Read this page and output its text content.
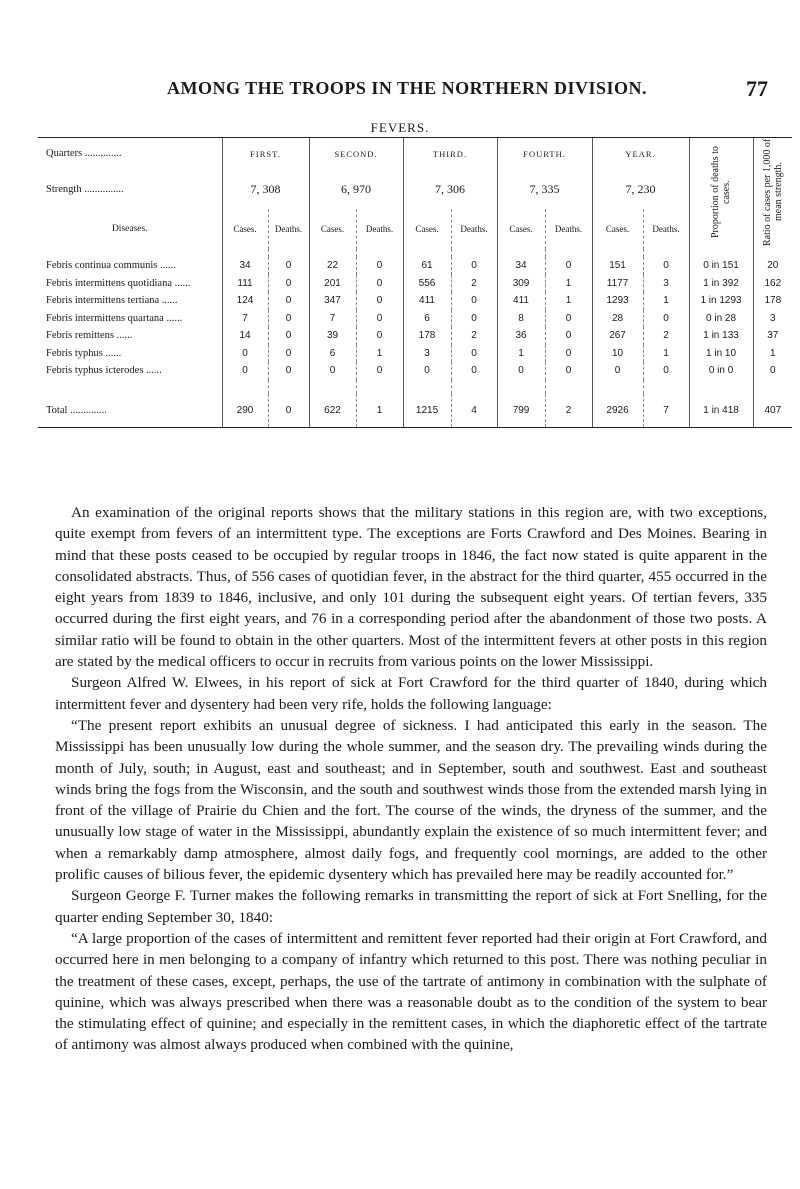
AMONG THE TROOPS IN THE NORTHERN DIVISION.	77
FEVERS.
Quarters ..............	FIRST.		SECOND.		THIRD.		FOURTH.		YEAR.		Proportion of deaths to cases.	Ratio of cases per 1,000 of mean strength.
Strength ...............	7, 308		6, 970		7, 306		7, 335		7, 230			
Diseases.	Cases.	Deaths.	Cases.	Deaths.	Cases.	Deaths.	Cases.	Deaths.	Cases.	Deaths.		

Febris continua communis ......	34	0	22	0	61	0	34	0	151	0	0 in 151	20
Febris intermittens quotidiana ......	111	0	201	0	556	2	309	1	1177	3	1 in 392	162
Febris intermittens tertiana ......	124	0	347	0	411	0	411	1	1293	1	1 in 1293	178
Febris intermittens quartana ......	7	0	7	0	6	0	8	0	28	0	0 in 28	3
Febris remittens ......	14	0	39	0	178	2	36	0	267	2	1 in 133	37
Febris typhus ......	0	0	6	1	3	0	1	0	10	1	1 in 10	1
Febris typhus icterodes ......	0	0	0	0	0	0	0	0	0	0	0 in 0	0

Total ..............	290	0	622	1	1215	4	799	2	2926	7	1 in 418	407

An examination of the original reports shows that the military stations in this region are, with two exceptions, quite exempt from fevers of an intermittent type. The exceptions are Forts Crawford and Des Moines. Bearing in mind that these posts ceased to be occupied by regular troops in 1846, the fact now stated is quite apparent in the consolidated abstracts. Thus, of 556 cases of quotidian fever, in the abstract for the third quarter, 455 occurred in the eight years from 1839 to 1846, inclusive, and only 101 during the subsequent eight years. Of tertian fevers, 335 occurred during the first eight years, and 76 in a corresponding period after the abandonment of those two posts. A similar ratio will be found to obtain in the other quarters. Most of the intermittent fevers at other posts in this region are stated by the medical officers to occur in recruits from various points on the lower Mississippi.

Surgeon Alfred W. Elwees, in his report of sick at Fort Crawford for the third quarter of 1840, during which intermittent fever and dysentery had been very rife, holds the following language:

“The present report exhibits an unusual degree of sickness. I had anticipated this early in the season. The Mississippi has been unusually low during the whole summer, and the season dry. The prevailing winds during the month of July, south; in August, east and southeast; and in September, south and southwest. East and southeast winds bring the fogs from the Wisconsin, and the south and southwest winds those from the extended marsh lying in front of the village of Prairie du Chien and the fort. The course of the winds, the dryness of the summer, and the unusually low stage of water in the Mississippi, abundantly explain the existence of so much intermittent fever; and when a remarkably damp atmosphere, almost daily fogs, and frequently cool mornings, are added to the other prolific causes of bilious fever, the epidemic dysentery which has prevailed here may be readily accounted for.”

Surgeon George F. Turner makes the following remarks in transmitting the report of sick at Fort Snelling, for the quarter ending September 30, 1840:

“A large proportion of the cases of intermittent and remittent fever reported had their origin at Fort Crawford, and occurred here in men belonging to a company of infantry which returned to this post. There was nothing peculiar in the treatment of these cases, except, perhaps, the use of the tartrate of antimony in combination with the sulphate of quinine, which was always prescribed when there was a reasonable doubt as to the condition of the system to bear the stimulating effect of quinine; and especially in the remittent cases, in which the diaphoretic effect of the tartrate of antimony was almost always produced when combined with the quinine,
